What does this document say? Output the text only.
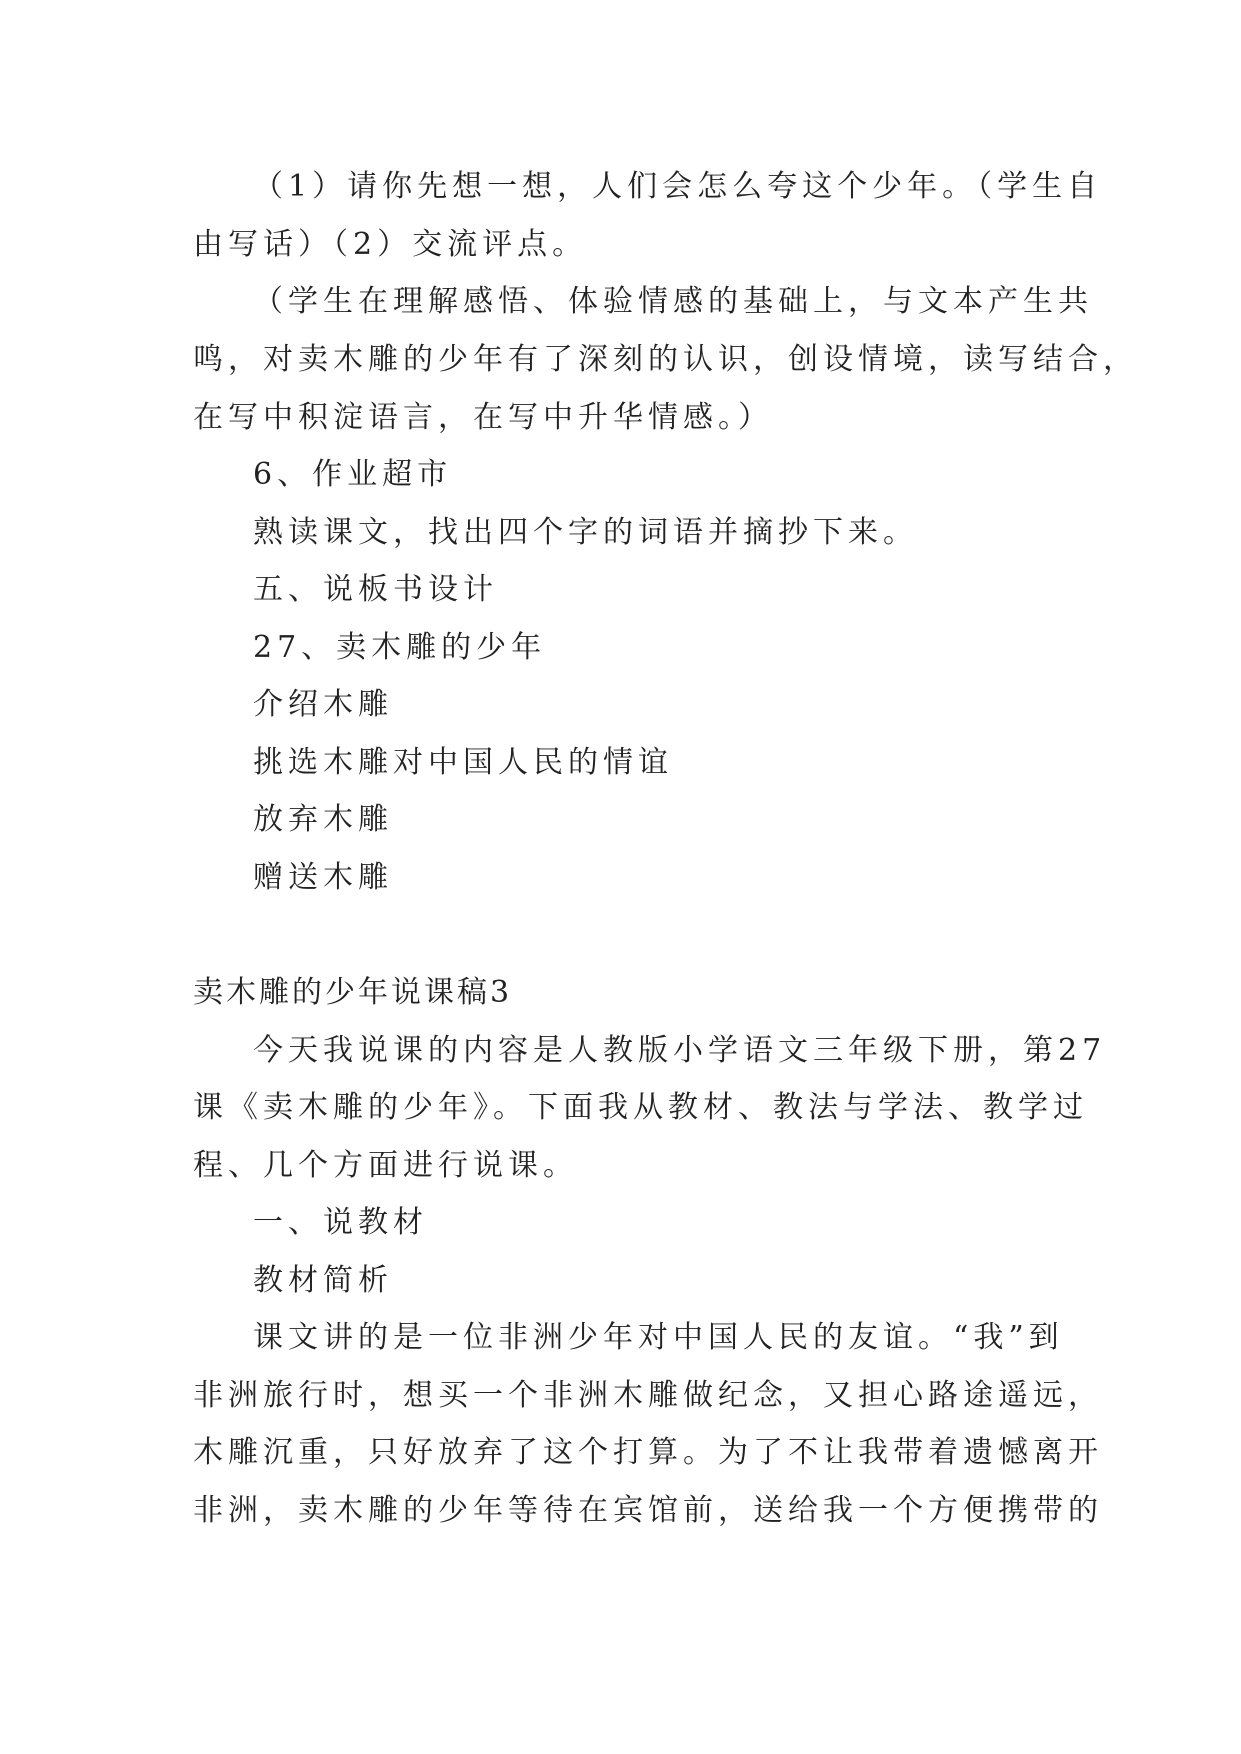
（1）请你先想一想，人们会怎么夸这个少年。（学生自
由写话）（2）交流评点。
（学生在理解感悟、体验情感的基础上，与文本产生共
鸣，对卖木雕的少年有了深刻的认识，创设情境，读写结合，
在写中积淀语言，在写中升华情感。）
6、作业超市
熟读课文，找出四个字的词语并摘抄下来。
五、说板书设计
27、卖木雕的少年
介绍木雕
挑选木雕对中国人民的情谊
放弃木雕
赠送木雕
卖木雕的少年说课稿3
今天我说课的内容是人教版小学语文三年级下册，第27
课《卖木雕的少年》。下面我从教材、教法与学法、教学过
程、几个方面进行说课。
一、说教材
教材简析
课文讲的是一位非洲少年对中国人民的友谊。“我”到
非洲旅行时，想买一个非洲木雕做纪念，又担心路途遥远，
木雕沉重，只好放弃了这个打算。为了不让我带着遗憾离开
非洲，卖木雕的少年等待在宾馆前，送给我一个方便携带的
